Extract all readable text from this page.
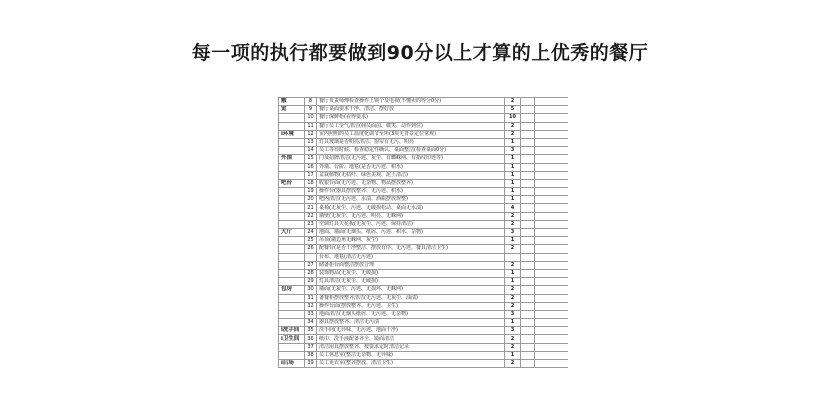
每一项的执行都要做到90分以上才算的上优秀的餐厅
触	8	餐厅负责师傅检查操作上锁个及电视(不懂卖的得分0分)	2		
觉	9	餐厅桌面要求干净、清洁、摆好放	5		
	10	餐厅保鲜柜(看得要求)	10		
	11	餐厅员工全气清洁(佣员面前、微笑、动作到位)	2		
i环境	12	室内照明的员工温度化调节至所(3块无背景定位常规)	2		
	13	灯具玻璃是否明亮清洁、窗帘有无污、明亮	1		
	14	员工等待时候、检查稳定性确认、桌面整洁(检查桌面0分)	3		
外围	15	门及招牌清洁(无污迹、灰尘、有蜘蛛网、有指纹印迹等)	1		
	16	外墙、台阶、地毯(是否无污迹、积水)	1		
	17	盆栽植物(无枯叶、绿色美观、泥土清洁)	1		
吧台	18	收银台面(无污迹、无杂物、物品摆放整齐)	1		
	19	操作台(器具摆放整齐、无污迹、积水)	1		
	20	吧内清洁(无污迹、水渍、酒瓶摆放规整)	1		
	21	桌椅(无灰尘、污迹、无破损松动、桌面无水渍)	4		
	22	墙壁(无灰尘、无污迹、明亮、无蛛网)	2		
	23	空调灯具天花板(无灰尘、污迹、保持清洁)	2		
大厅	24	地面、墙面(无烟头、纸屑、污迹、积水、杂物)	3		
	25	吊顶(墙边角无蛛网、灰尘)	1		
	26	配餐台(是否干净整洁、摆放有序、无污迹、餐具清洁卫生)	2		
		台布、地毯(清洁无污迹)			
	27	储备柜台面整洁摆放合理	2		
	28	装饰物品(无灰尘、无破损)	1		
	29	灯具清洁(无灰尘、无破损)	1		
包房	30	墙面(无灰尘、污迹、无损坏、无蛛网)	2		
	31	备餐柜摆放整齐清洁(无污迹、无灰尘、油渍)	2		
	32	操作台面(摆放整齐、无污迹、卫生)	2		
	33	地面清洁(无烟头纸屑、无污迹、无杂物)	3		
	34	器具摆放整齐、清洁无污渍	1		
i洗手间	35	洗手间(无异味、无污迹、地面干净)	3		
i卫生间	36	纸巾、洗手液配备齐全、镜面清洁	2		
	37	清洁用具摆放整齐、按要求定时清洁记录	2		
	38	员工休息室(整洁无杂物、无异味)	1		
i后场	39	员工更衣室(整齐摆放、清洁卫生)	2		
